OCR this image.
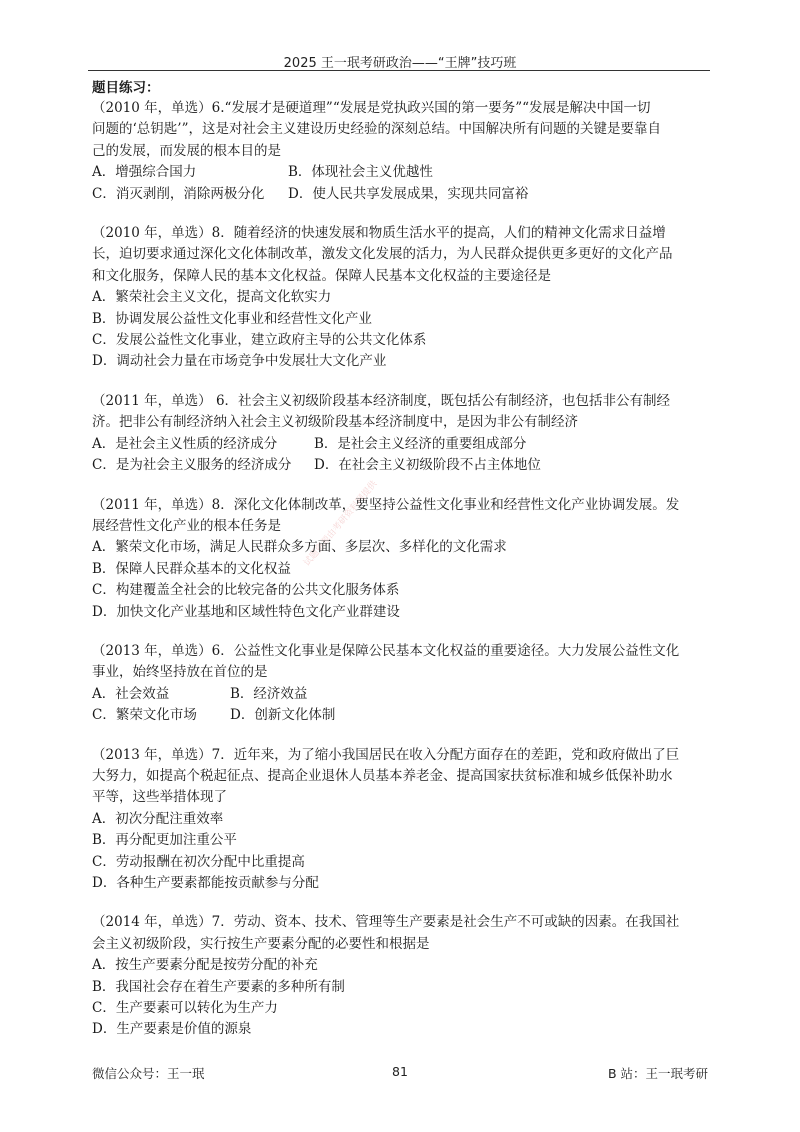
2025 王一珉考研政治——“王牌”技巧班
试题资源由考研资料网提供

题目练习：

（2010 年，单选）6.“发展才是硬道理”“发展是党执政兴国的第一要务”“发展是解决中国一切

问题的‘总钥匙’”，这是对社会主义建设历史经验的深刻总结。中国解决所有问题的关键是要靠自

己的发展，而发展的根本目的是

A．增强综合国力	B．体现社会主义优越性

C．消灭剥削，消除两极分化	D．使人民共享发展成果，实现共同富裕

（2010 年，单选）8．随着经济的快速发展和物质生活水平的提高，人们的精神文化需求日益增

长，迫切要求通过深化文化体制改革，激发文化发展的活力，为人民群众提供更多更好的文化产品

和文化服务，保障人民的基本文化权益。保障人民基本文化权益的主要途径是

A．繁荣社会主义文化，提高文化软实力

B．协调发展公益性文化事业和经营性文化产业

C．发展公益性文化事业，建立政府主导的公共文化体系

D．调动社会力量在市场竞争中发展壮大文化产业

（2011 年，单选） 6．社会主义初级阶段基本经济制度，既包括公有制经济，也包括非公有制经

济。把非公有制经济纳入社会主义初级阶段基本经济制度中，是因为非公有制经济

A．是社会主义性质的经济成分	B．是社会主义经济的重要组成部分

C．是为社会主义服务的经济成分	D．在社会主义初级阶段不占主体地位

（2011 年，单选）8．深化文化体制改革，要坚持公益性文化事业和经营性文化产业协调发展。发

展经营性文化产业的根本任务是

A．繁荣文化市场，满足人民群众多方面、多层次、多样化的文化需求

B．保障人民群众基本的文化权益

C．构建覆盖全社会的比较完备的公共文化服务体系

D．加快文化产业基地和区域性特色文化产业群建设

（2013 年，单选）6．公益性文化事业是保障公民基本文化权益的重要途径。大力发展公益性文化

事业，始终坚持放在首位的是

A．社会效益	B．经济效益

C．繁荣文化市场	D．创新文化体制

（2013 年，单选）7．近年来，为了缩小我国居民在收入分配方面存在的差距，党和政府做出了巨

大努力，如提高个税起征点、提高企业退休人员基本养老金、提高国家扶贫标准和城乡低保补助水

平等，这些举措体现了

A．初次分配注重效率

B．再分配更加注重公平

C．劳动报酬在初次分配中比重提高

D．各种生产要素都能按贡献参与分配

（2014 年，单选）7．劳动、资本、技术、管理等生产要素是社会生产不可或缺的因素。在我国社

会主义初级阶段，实行按生产要素分配的必要性和根据是

A．按生产要素分配是按劳分配的补充

B．我国社会存在着生产要素的多种所有制

C．生产要素可以转化为生产力

D．生产要素是价值的源泉

微信公众号：王一珉	81	B 站：王一珉考研
